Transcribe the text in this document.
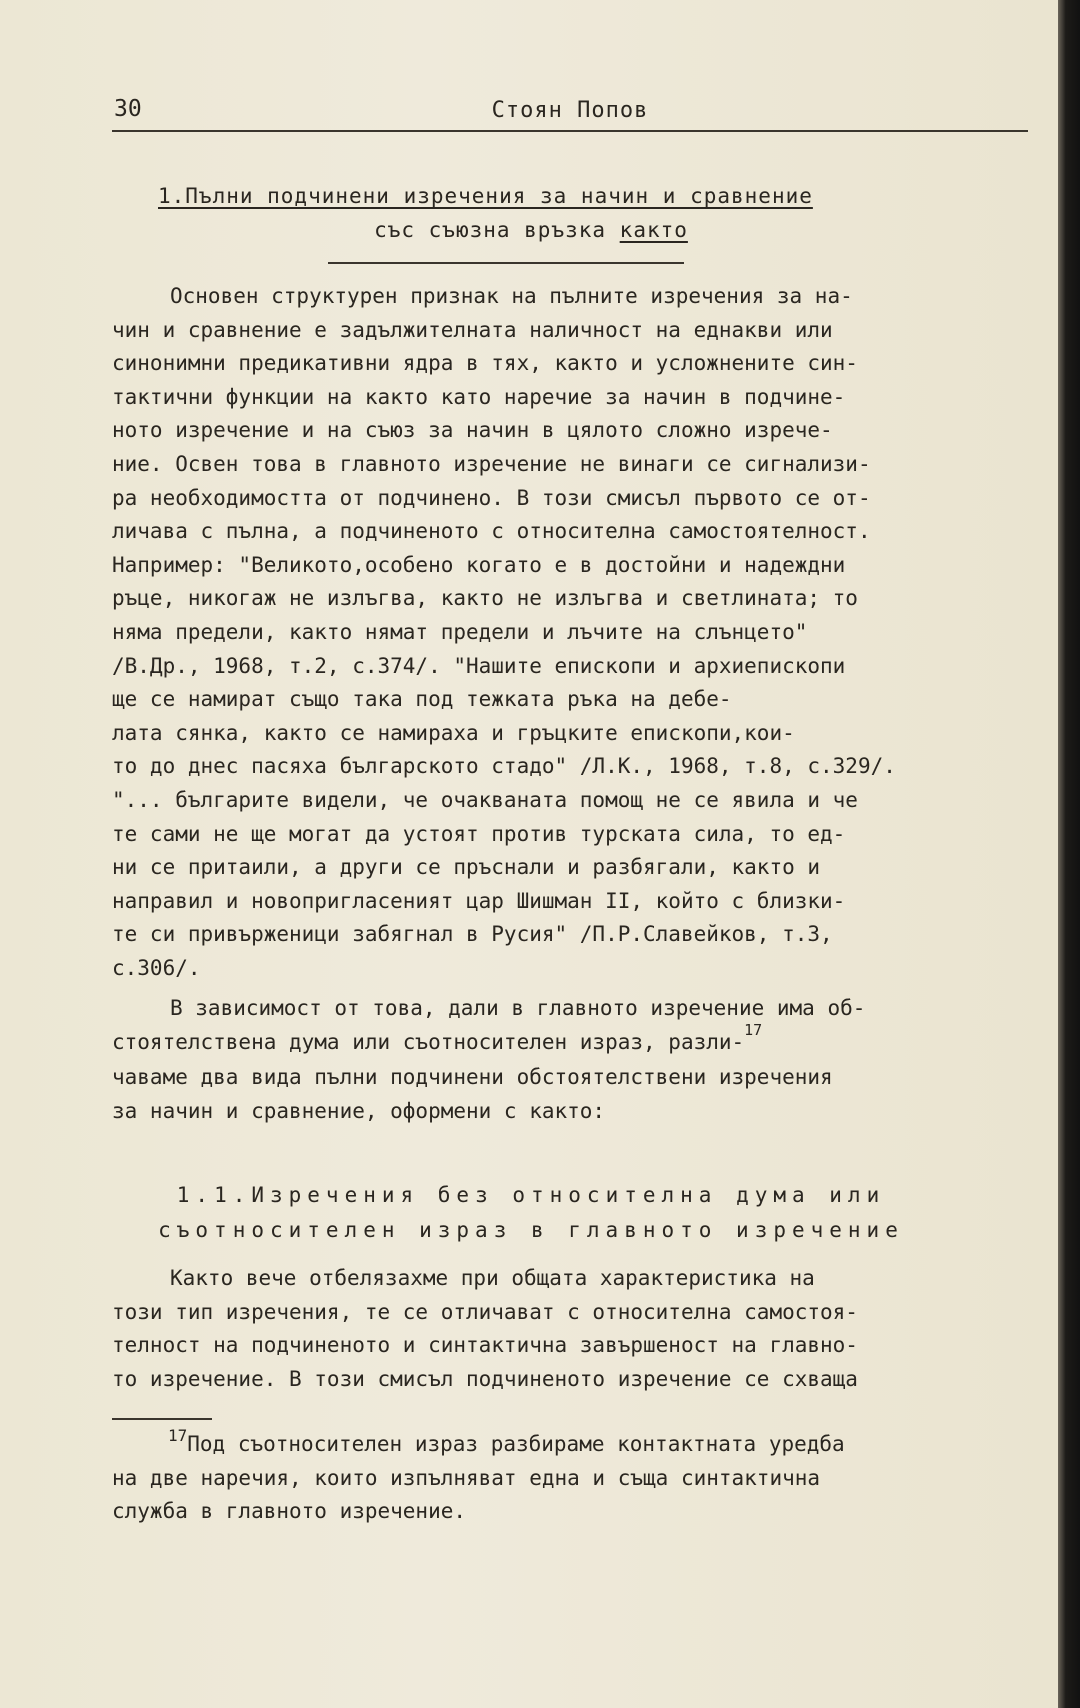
30	Стоян Попов
1.Пълни подчинени изречения за начин и сравнение
със съюзна връзка както

Основен структурен признак на пълните изречения за на-
чин и сравнение е задължителната наличност на еднакви или
синонимни предикативни ядра в тях, както и усложнените син-
тактични функции на както като наречие за начин в подчине-
ното изречение и на съюз за начин в цялото сложно изрече-
ние. Освен това в главното изречение не винаги се сигнализи-
ра необходимостта от подчинено. В този смисъл първото се от-
личава с пълна, а подчиненото с относителна самостоятелност.
Например: "Великото,особено когато е в достойни и надеждни
ръце, никогаж не излъгва, както не излъгва и светлината; то
няма предели, както нямат предели и лъчите на слънцето"
/В.Др., 1968, т.2, с.374/. "Нашите епископи и архиепископи
ще се намират също така под тежката ръка на дебе-
лата сянка, както се намираха и гръцките епископи,кои-
то до днес пасяха българското стадо" /Л.К., 1968, т.8, с.329/.
"... българите видели, че очакваната помощ не се явила и че
те сами не ще могат да устоят против турската сила, то ед-
ни се притаили, а други се пръснали и разбягали, както и
направил и новопригласеният цар Шишман II, който с близки-
те си привърженици забягнал в Русия" /П.Р.Славейков, т.3,
с.306/.

В зависимост от това, дали в главното изречение има об-
стоятелствена дума или съотносителен израз, разли-$^{17}$
чаваме два вида пълни подчинени обстоятелствени изречения
за начин и сравнение, оформени с както:

1.1.Изречения без относителна дума или
съотносителен израз в главното изречение

Както вече отбелязахме при общата характеристика на
този тип изречения, те се отличават с относителна самостоя-
телност на подчиненото и синтактична завършеност на главно-
то изречение. В този смисъл подчиненото изречение се схваща

$^{17}$Под съотносителен израз разбираме контактната уредба
на две наречия, които изпълняват една и съща синтактична
служба в главното изречение.
